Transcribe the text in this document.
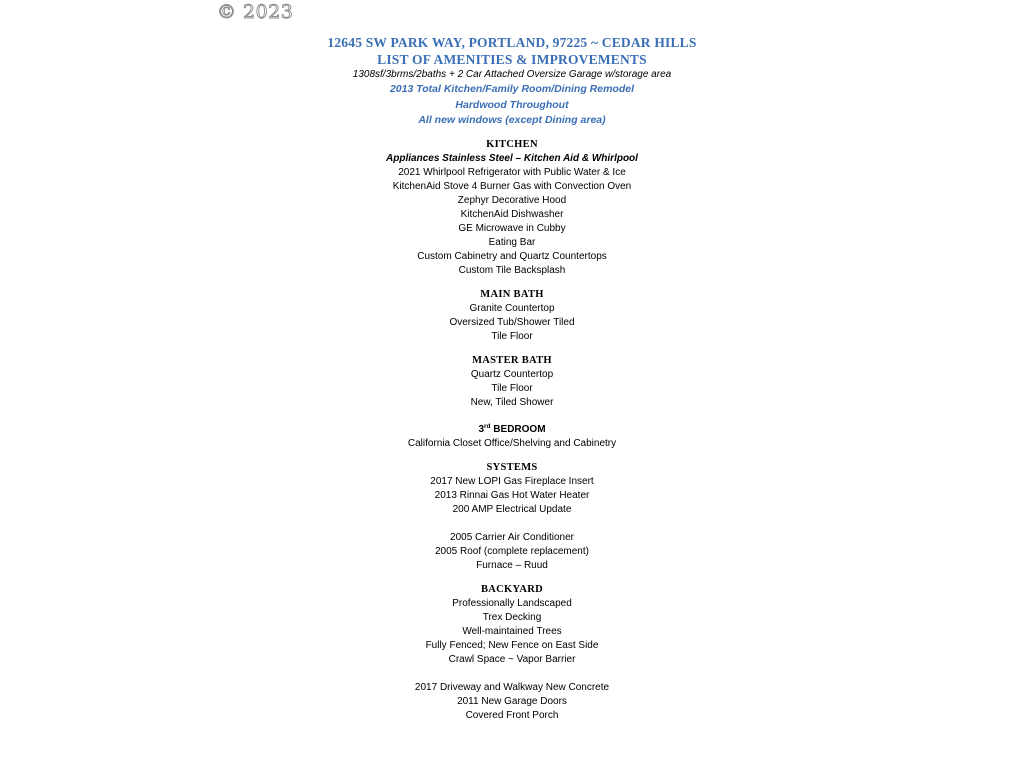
© 2023
12645 SW PARK WAY, PORTLAND, 97225 ~ CEDAR HILLS
LIST OF AMENITIES & IMPROVEMENTS
1308sf/3brms/2baths + 2 Car Attached Oversize Garage w/storage area
2013 Total Kitchen/Family Room/Dining Remodel
Hardwood Throughout
All new windows (except Dining area)
KITCHEN
Appliances Stainless Steel – Kitchen Aid & Whirlpool
2021 Whirlpool Refrigerator with Public Water & Ice
KitchenAid Stove 4 Burner Gas with Convection Oven
Zephyr Decorative Hood
KitchenAid Dishwasher
GE Microwave in Cubby
Eating Bar
Custom Cabinetry and Quartz Countertops
Custom Tile Backsplash
MAIN BATH
Granite Countertop
Oversized Tub/Shower Tiled
Tile Floor
MASTER BATH
Quartz Countertop
Tile Floor
New, Tiled Shower
3rd BEDROOM
California Closet Office/Shelving and Cabinetry
SYSTEMS
2017 New LOPI Gas Fireplace Insert
2013 Rinnai Gas Hot Water Heater
200 AMP Electrical Update
2005 Carrier Air Conditioner
2005 Roof (complete replacement)
Furnace – Ruud
BACKYARD
Professionally Landscaped
Trex Decking
Well-maintained Trees
Fully Fenced; New Fence on East Side
Crawl Space ~ Vapor Barrier
2017 Driveway and Walkway New Concrete
2011 New Garage Doors
Covered Front Porch
